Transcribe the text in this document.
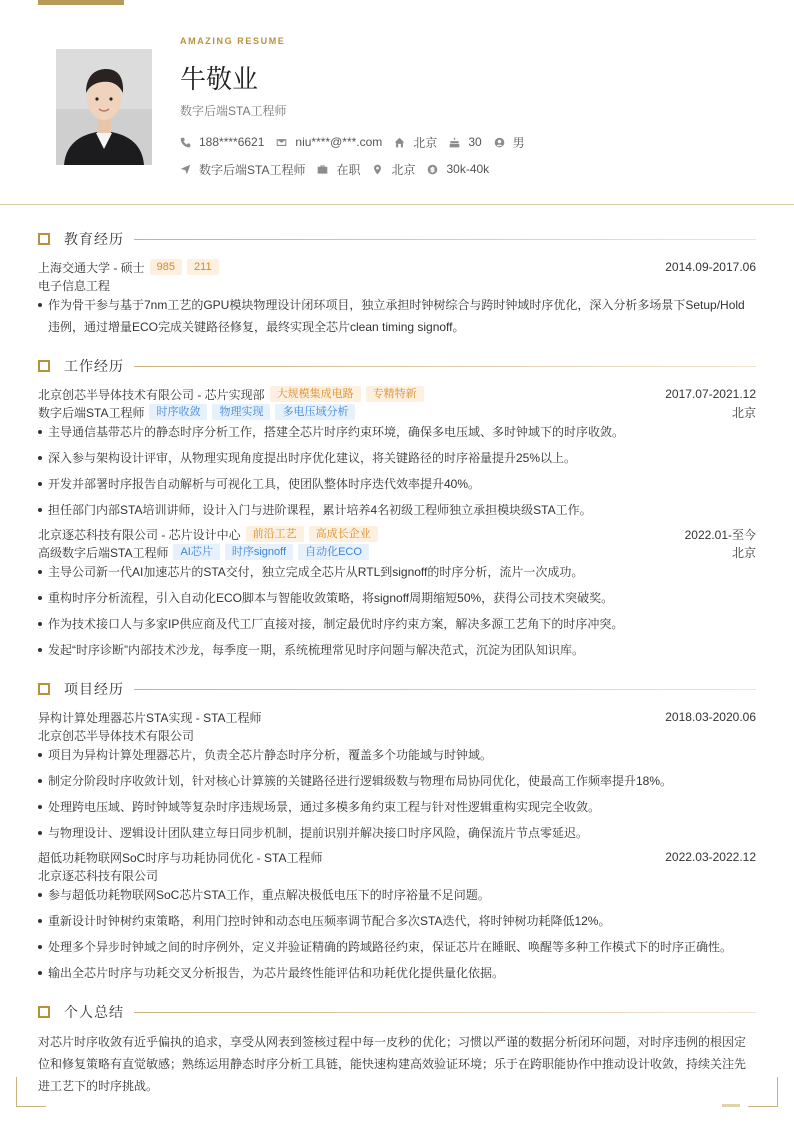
AMAZING RESUME
牛敬业
数字后端STA工程师
188****6621	niu****@***.com	北京	30	男
数字后端STA工程师	在职	北京	30k-40k
教育经历
上海交通大学 - 硕士	985	211	2014.09-2017.06
电子信息工程
作为骨干参与基于7nm工艺的GPU模块物理设计闭环项目，独立承担时钟树综合与跨时钟域时序优化，深入分析多场景下Setup/Hold违例，通过增量ECO完成关键路径修复，最终实现全芯片clean timing signoff。
工作经历
北京创芯半导体技术有限公司 - 芯片实现部	大规模集成电路	专精特新	2017.07-2021.12
数字后端STA工程师	时序收敛	物理实现	多电压域分析	北京
主导通信基带芯片的静态时序分析工作，搭建全芯片时序约束环境，确保多电压域、多时钟域下的时序收敛。
深入参与架构设计评审，从物理实现角度提出时序优化建议，将关键路径的时序裕量提升25%以上。
开发并部署时序报告自动解析与可视化工具，使团队整体时序迭代效率提升40%。
担任部门内部STA培训讲师，设计入门与进阶课程，累计培养4名初级工程师独立承担模块级STA工作。
北京逐芯科技有限公司 - 芯片设计中心	前沿工艺	高成长企业	2022.01-至今
高级数字后端STA工程师	AI芯片	时序signoff	自动化ECO	北京
主导公司新一代AI加速芯片的STA交付，独立完成全芯片从RTL到signoff的时序分析，流片一次成功。
重构时序分析流程，引入自动化ECO脚本与智能收敛策略，将signoff周期缩短50%，获得公司技术突破奖。
作为技术接口人与多家IP供应商及代工厂直接对接，制定最优时序约束方案，解决多源工艺角下的时序冲突。
发起“时序诊断”内部技术沙龙，每季度一期，系统梳理常见时序问题与解决范式，沉淀为团队知识库。
项目经历
异构计算处理器芯片STA实现 - STA工程师	2018.03-2020.06
北京创芯半导体技术有限公司
项目为异构计算处理器芯片，负责全芯片静态时序分析，覆盖多个功能域与时钟域。
制定分阶段时序收敛计划，针对核心计算簇的关键路径进行逻辑级数与物理布局协同优化，使最高工作频率提升18%。
处理跨电压域、跨时钟域等复杂时序违规场景，通过多模多角约束工程与针对性逻辑重构实现完全收敛。
与物理设计、逻辑设计团队建立每日同步机制，提前识别并解决接口时序风险，确保流片节点零延迟。
超低功耗物联网SoC时序与功耗协同优化 - STA工程师	2022.03-2022.12
北京逐芯科技有限公司
参与超低功耗物联网SoC芯片STA工作，重点解决极低电压下的时序裕量不足问题。
重新设计时钟树约束策略，利用门控时钟和动态电压频率调节配合多次STA迭代，将时钟树功耗降低12%。
处理多个异步时钟域之间的时序例外，定义并验证精确的跨域路径约束，保证芯片在睡眠、唤醒等多种工作模式下的时序正确性。
输出全芯片时序与功耗交叉分析报告，为芯片最终性能评估和功耗优化提供量化依据。
个人总结
对芯片时序收敛有近乎偏执的追求，享受从网表到签核过程中每一皮秒的优化；习惯以严谨的数据分析闭环问题，对时序违例的根因定位和修复策略有直觉敏感；熟练运用静态时序分析工具链，能快速构建高效验证环境；乐于在跨职能协作中推动设计收敛，持续关注先进工艺下的时序挑战。
